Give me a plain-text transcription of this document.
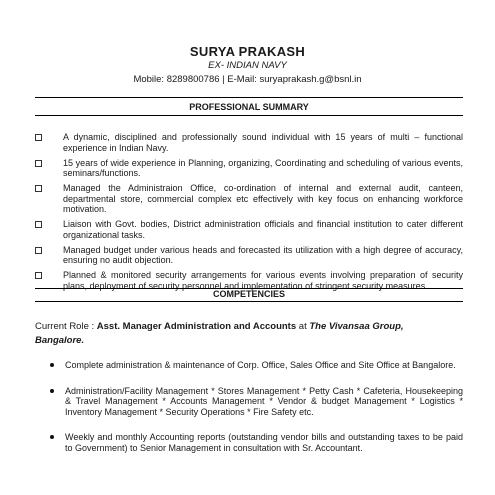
SURYA PRAKASH
EX- INDIAN NAVY
Mobile: 8289800786 | E-Mail: suryaprakash.g@bsnl.in
PROFESSIONAL SUMMARY
A dynamic, disciplined and professionally sound individual with 15 years of multi – functional experience in Indian Navy.
15 years of wide experience in Planning, organizing, Coordinating and scheduling of various events, seminars/functions.
Managed the Administraion Office, co-ordination of internal and external audit, canteen, departmental store, commercial complex etc effectively with key focus on enhancing workforce motivation.
Liaison with Govt. bodies, District administration officials and financial institution to cater different organizational tasks.
Managed budget under various heads and forecasted its utilization with a high degree of accuracy, ensuring no audit objection.
Planned & monitored security arrangements for various events involving preparation of security plans, deployment of security personnel and implementation of stringent security measures.
COMPETENCIES
Current Role : Asst. Manager Administration and Accounts at The Vivansaa Group,
Bangalore.
Complete administration & maintenance of Corp. Office, Sales Office and Site Office at Bangalore.
Administration/Facility Management * Stores Management * Petty Cash * Cafeteria, Housekeeping & Travel Management * Accounts Management * Vendor & budget Management * Logistics * Inventory Management * Security Operations * Fire Safety etc.
Weekly and monthly Accounting reports (outstanding vendor bills and outstanding taxes to be paid to Government) to Senior Management in consultation with Sr. Accountant.
